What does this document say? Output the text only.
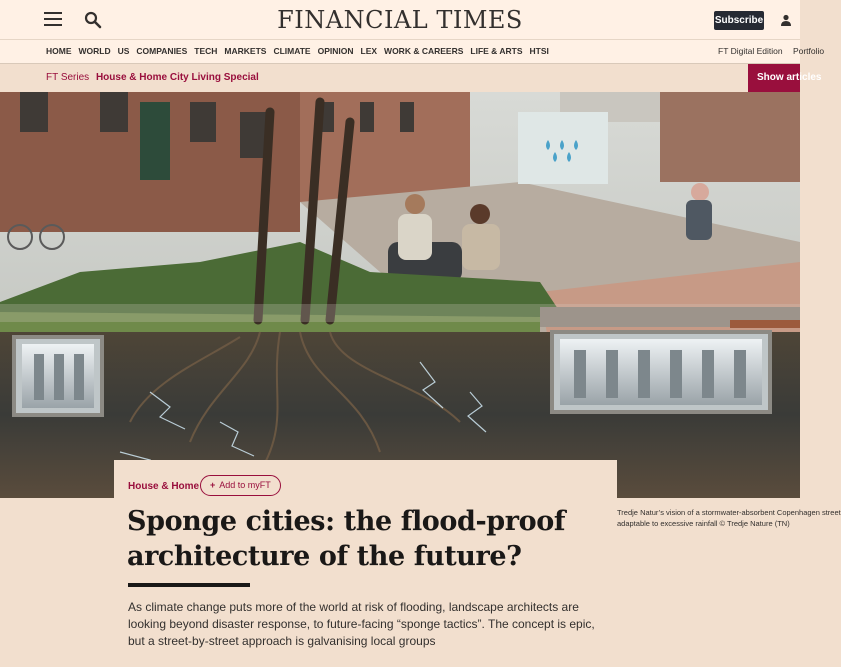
FINANCIAL TIMES	Subscribe
HOME WORLD US COMPANIES TECH MARKETS CLIMATE OPINION LEX WORK & CAREERS LIFE & ARTS HTSI	FT Digital Edition Portfolio
FT Series House & Home City Living Special	Show articles
Tredje Natur’s vision of a stormwater-absorbent Copenhagen street
adaptable to excessive rainfall © Tredje Nature (TN)
House & Home	+ Add to myFT
Sponge cities: the flood-proof architecture of the future?

As climate change puts more of the world at risk of flooding, landscape architects are looking beyond disaster response, to future-facing “sponge tactics”. The concept is epic, but a street-by-street approach is galvanising local groups
